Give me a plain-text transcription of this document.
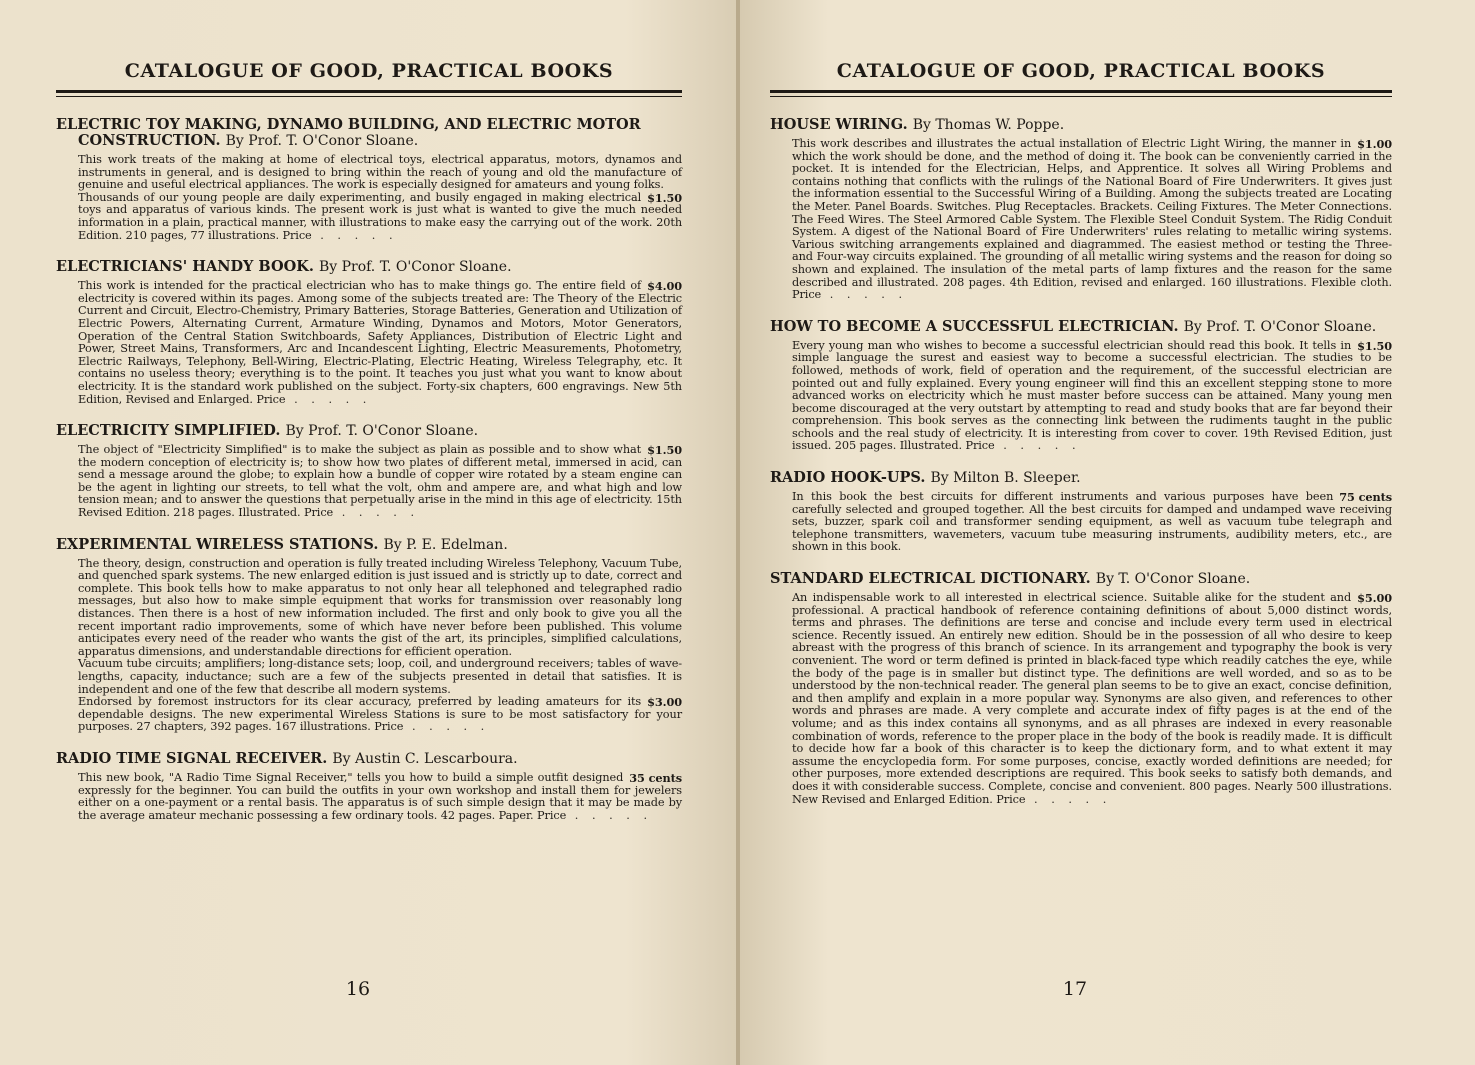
CATALOGUE OF GOOD, PRACTICAL BOOKS
ELECTRIC TOY MAKING, DYNAMO BUILDING, AND ELECTRIC MOTOR CONSTRUCTION. By Prof. T. O'Conor Sloane.

This work treats of the making at home of electrical toys, electrical apparatus, motors, dynamos and instruments in general, and is designed to bring within the reach of young and old the manufacture of genuine and useful electrical appliances. The work is especially designed for amateurs and young folks.

$1.50
Thousands of our young people are daily experimenting, and busily engaged in making electrical toys and apparatus of various kinds. The present work is just what is wanted to give the much needed information in a plain, practical manner, with illustrations to make easy the carrying out of the work. 20th Edition. 210 pages, 77 illustrations. Price . . . . .

ELECTRICIANS' HANDY BOOK. By Prof. T. O'Conor Sloane.

$4.00
This work is intended for the practical electrician who has to make things go. The entire field of electricity is covered within its pages. Among some of the subjects treated are: The Theory of the Electric Current and Circuit, Electro-Chemistry, Primary Batteries, Storage Batteries, Generation and Utilization of Electric Powers, Alternating Current, Armature Winding, Dynamos and Motors, Motor Generators, Operation of the Central Station Switchboards, Safety Appliances, Distribution of Electric Light and Power, Street Mains, Transformers, Arc and Incandescent Lighting, Electric Measurements, Photometry, Electric Railways, Telephony, Bell-Wiring, Electric-Plating, Electric Heating, Wireless Telegraphy, etc. It contains no useless theory; everything is to the point. It teaches you just what you want to know about electricity. It is the standard work published on the subject. Forty-six chapters, 600 engravings. New 5th Edition, Revised and Enlarged. Price . . . . .

ELECTRICITY SIMPLIFIED. By Prof. T. O'Conor Sloane.

$1.50
The object of "Electricity Simplified" is to make the subject as plain as possible and to show what the modern conception of electricity is; to show how two plates of different metal, immersed in acid, can send a message around the globe; to explain how a bundle of copper wire rotated by a steam engine can be the agent in lighting our streets, to tell what the volt, ohm and ampere are, and what high and low tension mean; and to answer the questions that perpetually arise in the mind in this age of electricity. 15th Revised Edition. 218 pages. Illustrated. Price . . . . .

EXPERIMENTAL WIRELESS STATIONS. By P. E. Edelman.

The theory, design, construction and operation is fully treated including Wireless Telephony, Vacuum Tube, and quenched spark systems. The new enlarged edition is just issued and is strictly up to date, correct and complete. This book tells how to make apparatus to not only hear all telephoned and telegraphed radio messages, but also how to make simple equipment that works for transmission over reasonably long distances. Then there is a host of new information included. The first and only book to give you all the recent important radio improvements, some of which have never before been published. This volume anticipates every need of the reader who wants the gist of the art, its principles, simplified calculations, apparatus dimensions, and understandable directions for efficient operation.

Vacuum tube circuits; amplifiers; long-distance sets; loop, coil, and underground receivers; tables of wave-lengths, capacity, inductance; such are a few of the subjects presented in detail that satisfies. It is independent and one of the few that describe all modern systems.

$3.00
Endorsed by foremost instructors for its clear accuracy, preferred by leading amateurs for its dependable designs. The new experimental Wireless Stations is sure to be most satisfactory for your purposes. 27 chapters, 392 pages. 167 illustrations. Price . . . . .

RADIO TIME SIGNAL RECEIVER. By Austin C. Lescarboura.

35 cents
This new book, "A Radio Time Signal Receiver," tells you how to build a simple outfit designed expressly for the beginner. You can build the outfits in your own workshop and install them for jewelers either on a one-payment or a rental basis. The apparatus is of such simple design that it may be made by the average amateur mechanic possessing a few ordinary tools. 42 pages. Paper. Price . . . . .

16
CATALOGUE OF GOOD, PRACTICAL BOOKS
HOUSE WIRING. By Thomas W. Poppe.

$1.00
This work describes and illustrates the actual installation of Electric Light Wiring, the manner in which the work should be done, and the method of doing it. The book can be conveniently carried in the pocket. It is intended for the Electrician, Helps, and Apprentice. It solves all Wiring Problems and contains nothing that conflicts with the rulings of the National Board of Fire Underwriters. It gives just the information essential to the Successful Wiring of a Building. Among the subjects treated are Locating the Meter. Panel Boards. Switches. Plug Receptacles. Brackets. Ceiling Fixtures. The Meter Connections. The Feed Wires. The Steel Armored Cable System. The Flexible Steel Conduit System. The Ridig Conduit System. A digest of the National Board of Fire Underwriters' rules relating to metallic wiring systems. Various switching arrangements explained and diagrammed. The easiest method or testing the Three- and Four-way circuits explained. The grounding of all metallic wiring systems and the reason for doing so shown and explained. The insulation of the metal parts of lamp fixtures and the reason for the same described and illustrated. 208 pages. 4th Edition, revised and enlarged. 160 illustrations. Flexible cloth. Price . . . . .

HOW TO BECOME A SUCCESSFUL ELECTRICIAN. By Prof. T. O'Conor Sloane.

$1.50
Every young man who wishes to become a successful electrician should read this book. It tells in simple language the surest and easiest way to become a successful electrician. The studies to be followed, methods of work, field of operation and the requirement, of the successful electrician are pointed out and fully explained. Every young engineer will find this an excellent stepping stone to more advanced works on electricity which he must master before success can be attained. Many young men become discouraged at the very outstart by attempting to read and study books that are far beyond their comprehension. This book serves as the connecting link between the rudiments taught in the public schools and the real study of electricity. It is interesting from cover to cover. 19th Revised Edition, just issued. 205 pages. Illustrated. Price . . . . .

RADIO HOOK-UPS. By Milton B. Sleeper.

75 cents
In this book the best circuits for different instruments and various purposes have been carefully selected and grouped together. All the best circuits for damped and undamped wave receiving sets, buzzer, spark coil and transformer sending equipment, as well as vacuum tube telegraph and telephone transmitters, wavemeters, vacuum tube measuring instruments, audibility meters, etc., are shown in this book.

STANDARD ELECTRICAL DICTIONARY. By T. O'Conor Sloane.

$5.00
An indispensable work to all interested in electrical science. Suitable alike for the student and professional. A practical handbook of reference containing definitions of about 5,000 distinct words, terms and phrases. The definitions are terse and concise and include every term used in electrical science. Recently issued. An entirely new edition. Should be in the possession of all who desire to keep abreast with the progress of this branch of science. In its arrangement and typography the book is very convenient. The word or term defined is printed in black-faced type which readily catches the eye, while the body of the page is in smaller but distinct type. The definitions are well worded, and so as to be understood by the non-technical reader. The general plan seems to be to give an exact, concise definition, and then amplify and explain in a more popular way. Synonyms are also given, and references to other words and phrases are made. A very complete and accurate index of fifty pages is at the end of the volume; and as this index contains all synonyms, and as all phrases are indexed in every reasonable combination of words, reference to the proper place in the body of the book is readily made. It is difficult to decide how far a book of this character is to keep the dictionary form, and to what extent it may assume the encyclopedia form. For some purposes, concise, exactly worded definitions are needed; for other purposes, more extended descriptions are required. This book seeks to satisfy both demands, and does it with considerable success. Complete, concise and convenient. 800 pages. Nearly 500 illustrations. New Revised and Enlarged Edition. Price . . . . .

17
